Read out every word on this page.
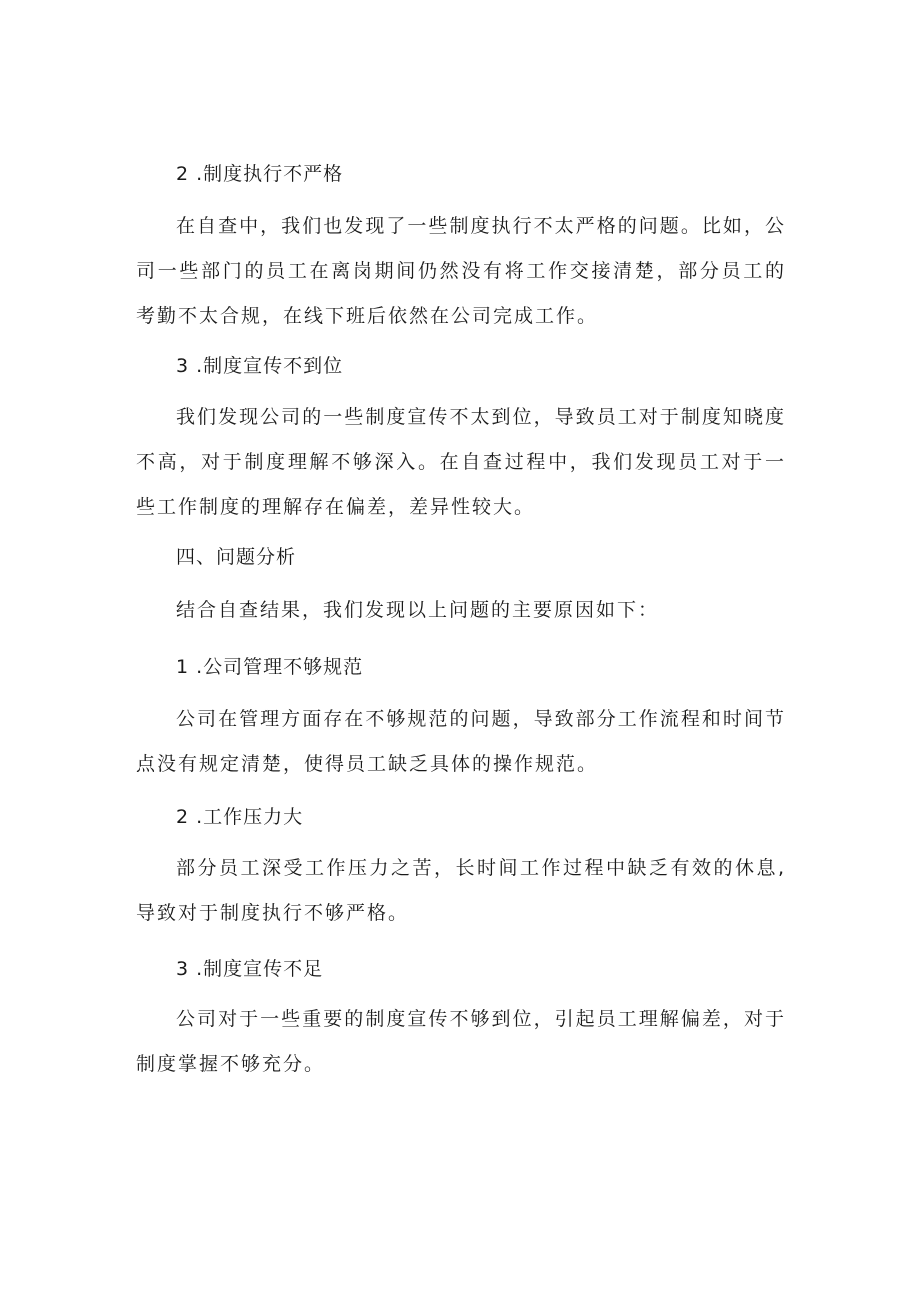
2 .制度执行不严格

在自查中，我们也发现了一些制度执行不太严格的问题。比如，公司一些部门的员工在离岗期间仍然没有将工作交接清楚，部分员工的考勤不太合规，在线下班后依然在公司完成工作。

3 .制度宣传不到位

我们发现公司的一些制度宣传不太到位，导致员工对于制度知晓度不高，对于制度理解不够深入。在自查过程中，我们发现员工对于一些工作制度的理解存在偏差，差异性较大。

四、问题分析

结合自查结果，我们发现以上问题的主要原因如下：

1 .公司管理不够规范

公司在管理方面存在不够规范的问题，导致部分工作流程和时间节点没有规定清楚，使得员工缺乏具体的操作规范。

2 .工作压力大

部分员工深受工作压力之苦，长时间工作过程中缺乏有效的休息,导致对于制度执行不够严格。

3 .制度宣传不足

公司对于一些重要的制度宣传不够到位，引起员工理解偏差，对于制度掌握不够充分。
